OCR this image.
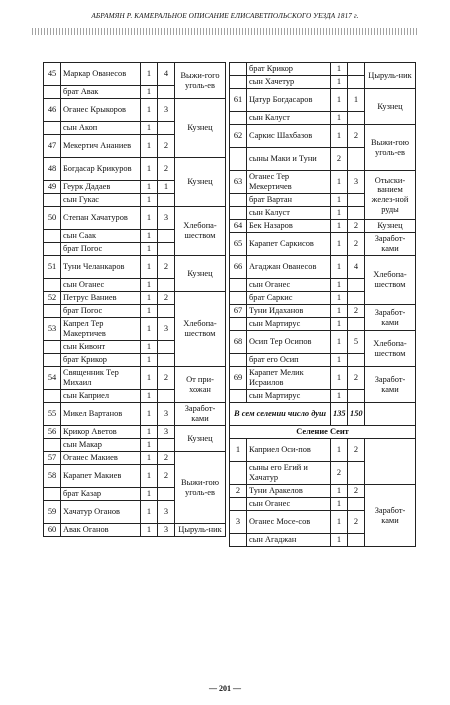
АБРАМЯН Р. КАМЕРАЛЬНОЕ ОПИСАНИЕ ЕЛИСАВЕТПОЛЬСКОГО УЕЗДА 1817 г.
45	Маркар Ованесов	1	4	Выжи-гого уголь-ев	
	брат Авак	1			
46	Оганес Крыкоров	1	3	Кузнец	
	сын Акоп	1			
47	Мекертич Ананиев	1	2	
48	Богдасар Крикуров	1	2	Кузнец	
49	Геурк Дадаев	1	1		
	сын Гукас	1			
50	Степан Хачатуров	1	3	Хлебопа-шеством	
	сын Саак	1			
	брат Погос	1			
51	Туни Челанкаров	1	2	Кузнец	
	сын Оганес	1			
52	Петрус Ваниев	1	2	Хлебопа-шеством	
	брат Погос	1			
53	Капрел Тер Макертичев	1	3		
	сын Кивонт	1			
	брат Крикор	1			
54	Священник Тер Михаил	1	2	От при-хожан	
	сын Каприел	1			
55	Микел Вартанов	1	3	Заработ-ками	
56	Крикор Аветов	1	3	Кузнец	
	сын Макар	1			
57	Оганес Макиев	1	2	Выжи-гою уголь-ев	
58	Карапет Макиев	1	2		
	брат Казар	1			
59	Хачатур Оганов	1	3		
60	Авак Оганов	1	3	Цыруль-ник	
	брат Крикор	1		Цыруль-ник
	сын Хачетур	1		
61	Цатур Богдасаров	1	1	Кузнец
	сын Калуст	1		
62	Саркис Шахбазов	1	2	Выжи-гою уголь-ев
	сыны Маки и Туни	2		
63	Оганес Тер Мекертичев	1	3	Отыски-ванием желез-ной руды
	брат Вартан	1		
	сын Калуст	1		
64	Бек Назаров	1	2	Кузнец
65	Карапет Саркисов	1	2	Заработ-ками
66	Агаджан Ованесов	1	4	Хлебопа-шеством
	сын Оганес	1		
	брат Саркис	1		
67	Туни Идаханов	1	2	Заработ-ками
	сын Мартирус	1		
68	Осип Тер Осипов	1	5	Хлебопа-шеством
	брат его Осип	1		
69	Карапет Мелик Исраилов	1	2	Заработ-ками
	сын Мартирус	1		
В сем селении число душ		135	150	
Селение Сеит				
1	Каприел Оси-пов	1	2	
	сыны его Егий и Хачатур	2		
2	Туни Аракелов	1	2	Заработ-ками
	сын Оганес	1		
3	Оганес Мосе-сов	1	2	
	сын Агаджан	1		
— 201 —
